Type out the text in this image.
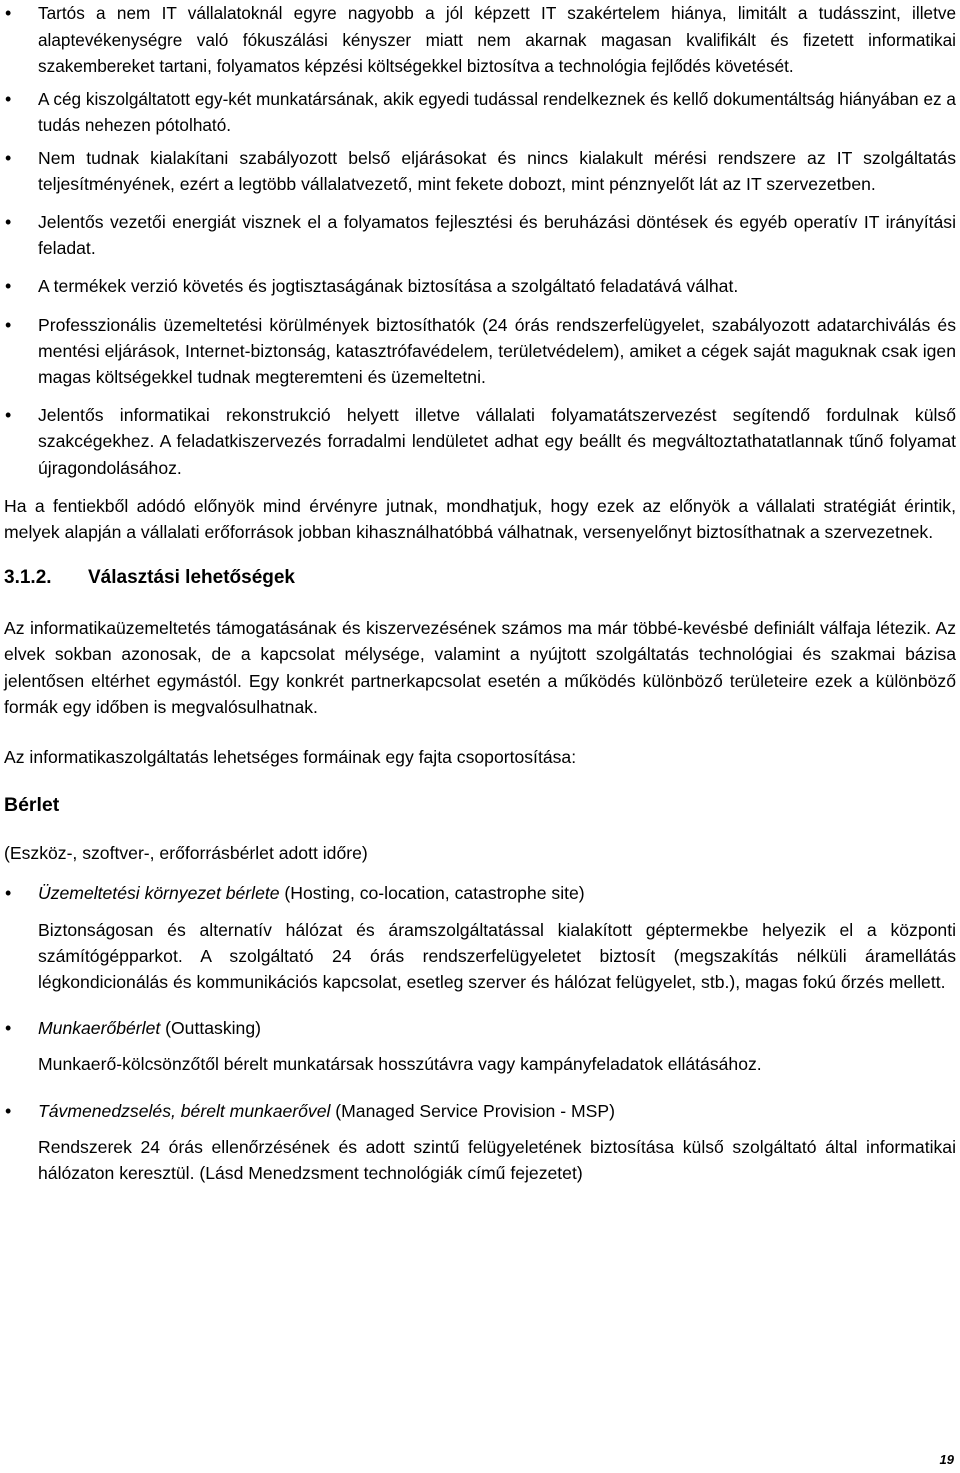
• Tartós a nem IT vállalatoknál egyre nagyobb a jól képzett IT szakértelem hiánya, limitált a tudásszint, illetve alaptevékenységre való fókuszálási kényszer miatt nem akarnak magasan kvalifikált és fizetett informatikai szakembereket tartani, folyamatos képzési költségekkel biztosítva a technológia fejlődés követését.
• A cég kiszolgáltatott egy-két munkatársának, akik egyedi tudással rendelkeznek és kellő dokumentáltság hiányában ez a tudás nehezen pótolható.
• Nem tudnak kialakítani szabályozott belső eljárásokat és nincs kialakult mérési rendszere az IT szolgáltatás teljesítményének, ezért a legtöbb vállalatvezető, mint fekete dobozt, mint pénznyelőt lát az IT szervezetben.
• Jelentős vezetői energiát visznek el a folyamatos fejlesztési és beruházási döntések és egyéb operatív IT irányítási feladat.
• A termékek verzió követés és jogtisztaságának biztosítása a szolgáltató feladatává válhat.
• Professzionális üzemeltetési körülmények biztosíthatók (24 órás rendszerfelügyelet, szabályozott adatarchiválás és mentési eljárások, Internet-biztonság, katasztrófavédelem, területvédelem), amiket a cégek saját maguknak csak igen magas költségekkel tudnak megteremteni és üzemeltetni.
• Jelentős informatikai rekonstrukció helyett illetve vállalati folyamatátszervezést segítendő fordulnak külső szakcégekhez. A feladatkiszervezés forradalmi lendületet adhat egy beállt és megváltoztathatatlannak tűnő folyamat újragondolásához.

Ha a fentiekből adódó előnyök mind érvényre jutnak, mondhatjuk, hogy ezek az előnyök a vállalati stratégiát érintik, melyek alapján a vállalati erőforrások jobban kihasználhatóbbá válhatnak, versenyelőnyt biztosíthatnak a szervezetnek.

3.1.2. Választási lehetőségek

Az informatikaüzemeltetés támogatásának és kiszervezésének számos ma már többé-kevésbé definiált válfaja létezik. Az elvek sokban azonosak, de a kapcsolat mélysége, valamint a nyújtott szolgáltatás technológiai és szakmai bázisa jelentősen eltérhet egymástól. Egy konkrét partnerkapcsolat esetén a működés különböző területeire ezek a különböző formák egy időben is megvalósulhatnak.

Az informatikaszolgáltatás lehetséges formáinak egy fajta csoportosítása:

Bérlet

(Eszköz-, szoftver-, erőforrásbérlet adott időre)

• Üzemeltetési környezet bérlete (Hosting, co-location, catastrophe site)
Biztonságosan és alternatív hálózat és áramszolgáltatással kialakított géptermekbe helyezik el a központi számítógépparkot. A szolgáltató 24 órás rendszerfelügyeletet biztosít (megszakítás nélküli áramellátás légkondicionálás és kommunikációs kapcsolat, esetleg szerver és hálózat felügyelet, stb.), magas fokú őrzés mellett.
• Munkaerőbérlet (Outtasking)
Munkaerő-kölcsönzőtől bérelt munkatársak hosszútávra vagy kampányfeladatok ellátásához.
• Távmenedzselés, bérelt munkaerővel (Managed Service Provision - MSP)
Rendszerek 24 órás ellenőrzésének és adott szintű felügyeletének biztosítása külső szolgáltató által informatikai hálózaton keresztül. (Lásd Menedzsment technológiák című fejezetet)
19
